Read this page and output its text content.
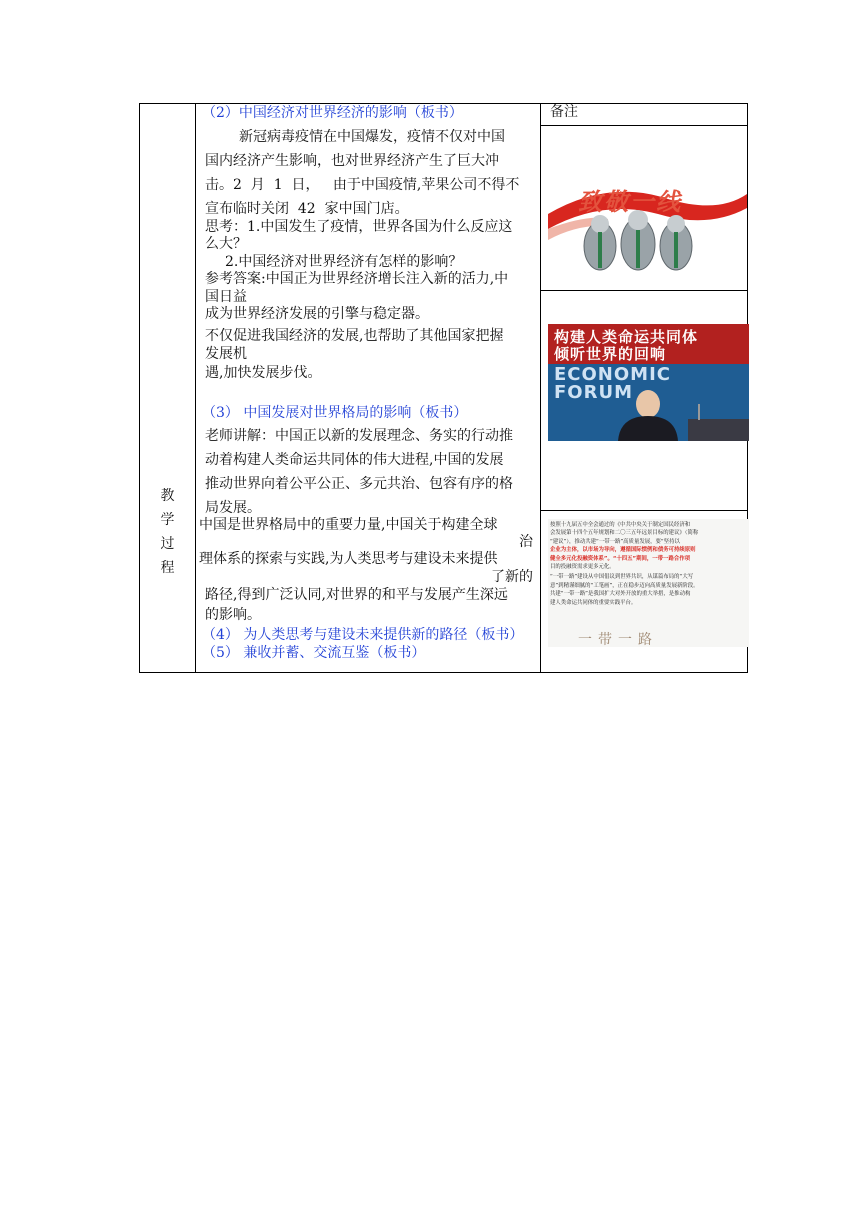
教
学
过
程
备注
（2）中国经济对世界经济的影响（板书）
新冠病毒疫情在中国爆发，疫情不仅对中国
国内经济产生影响，也对世界经济产生了巨大冲
击。2  月  1  日，   由于中国疫情,苹果公司不得不
宣布临时关闭  42  家中国门店。
思考：1.中国发生了疫情，世界各国为什么反应这
么大？
2.中国经济对世界经济有怎样的影响？
参考答案:中国正为世界经济增长注入新的活力,中
国日益
成为世界经济发展的引擎与稳定器。
不仅促进我国经济的发展,也帮助了其他国家把握
发展机
遇,加快发展步伐。
（3） 中国发展对世界格局的影响（板书）
老师讲解：中国正以新的发展理念、务实的行动推
动着构建人类命运共同体的伟大进程,中国的发展
推动世界向着公平公正、多元共治、包容有序的格
局发展。
中国是世界格局中的重要力量,中国关于构建全球
治
理体系的探索与实践,为人类思考与建设未来提供
了新的
路径,得到广泛认同,对世界的和平与发展产生深远
的影响。
（4） 为人类思考与建设未来提供新的路径（板书）
（5） 兼收并蓄、交流互鉴（板书）
致敬一线
构建人类命运共同体
倾听世界的回响
ECONOMIC FORUM
按照十九届五中全会通过的《中共中央关于制定国民经济和
会发展第十四个五年规划和二〇三五年远景目标的建议》（简称
“建议”），推动共建“一带一路”高质量发展，要“坚持以
企业为主体，以市场为导向，遵循国际惯例和债务可持续原则
健全多元化投融资体系”。“十四五”期间，一带一路合作项
目的投融资需求更多元化。
“一带一路”建设从中国倡议到世界共识，从谋篇布局的“大写
意”到精谨细腻的“工笔画”，正在稳步迈向高质量发展新阶段。
共建“一带一路”是我国扩大对外开放的重大举措，是推动构
建人类命运共同体的重要实践平台。
一带一路
